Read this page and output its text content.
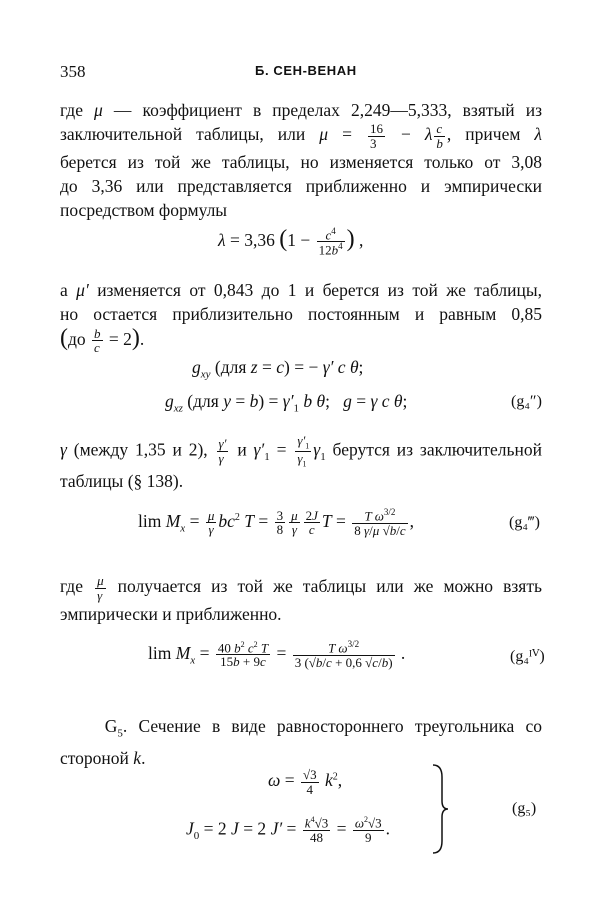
358	Б. СЕН-ВЕНАН
где μ — коэффициент в пределах 2,249—5,333, взятый из
заключительной таблицы, или $\mu = \frac{16}{3} - \lambda \frac{c}{b}$ , причем λ
берется из той же таблицы, но изменяется только от 3,08
до 3,36 или представляется приближенно и эмпирически
посредством формулы
λ = 3,36 ($1 - \frac{c^4}{12b^4}$ ) ,
а μ′ изменяется от 0,843 до 1 и берется из той же таблицы,
но остается приблизительно постоянным и равным 0,85
$(до \frac{b}{c} = 2)$.
$g_{xy}$ (для z = c) = − γ′ c θ;
$g_{xz}$ (для $y = b) = \gamma'_1$ b θ;   g = γ c θ;	(g₄″)
γ (между 1,35 и 2), $\frac{\gamma'}{\gamma}$ и $\gamma'_1 = \frac{\gamma'_1}{\gamma_1} \gamma_1$ берутся из заключительной
таблицы (§ 138).
$\lim M_x = \frac{\mu}{\gamma} bc^2$ $T = \frac{3}{8} \frac{\mu}{\gamma} \frac{2J}{c}$ $T = \frac{T \omega^{3/2}}{8 \gamma/\mu √b/c}$ ,	(g₄‴)
где $\frac{\mu}{\gamma}$ получается из той же таблицы или же можно взять
эмпирически и приближенно.
$\lim M_x = \frac{40 b^2 c^2 T}{15b + 9c} = \frac{T \omega^{3/2}}{3 (√b/c + 0,6 √c/b)}$ .	(g₄ᴵⱽ)
$G_5$. Сечение в виде равностороннего треугольника со
стороной k.
$\omega = \frac{√3}{4} k^2$,
$J_0 = 2$ J = 2 $J' = \frac{k^4√3}{48} = \frac{\omega^2√3}{9}$ .
(g₅)
